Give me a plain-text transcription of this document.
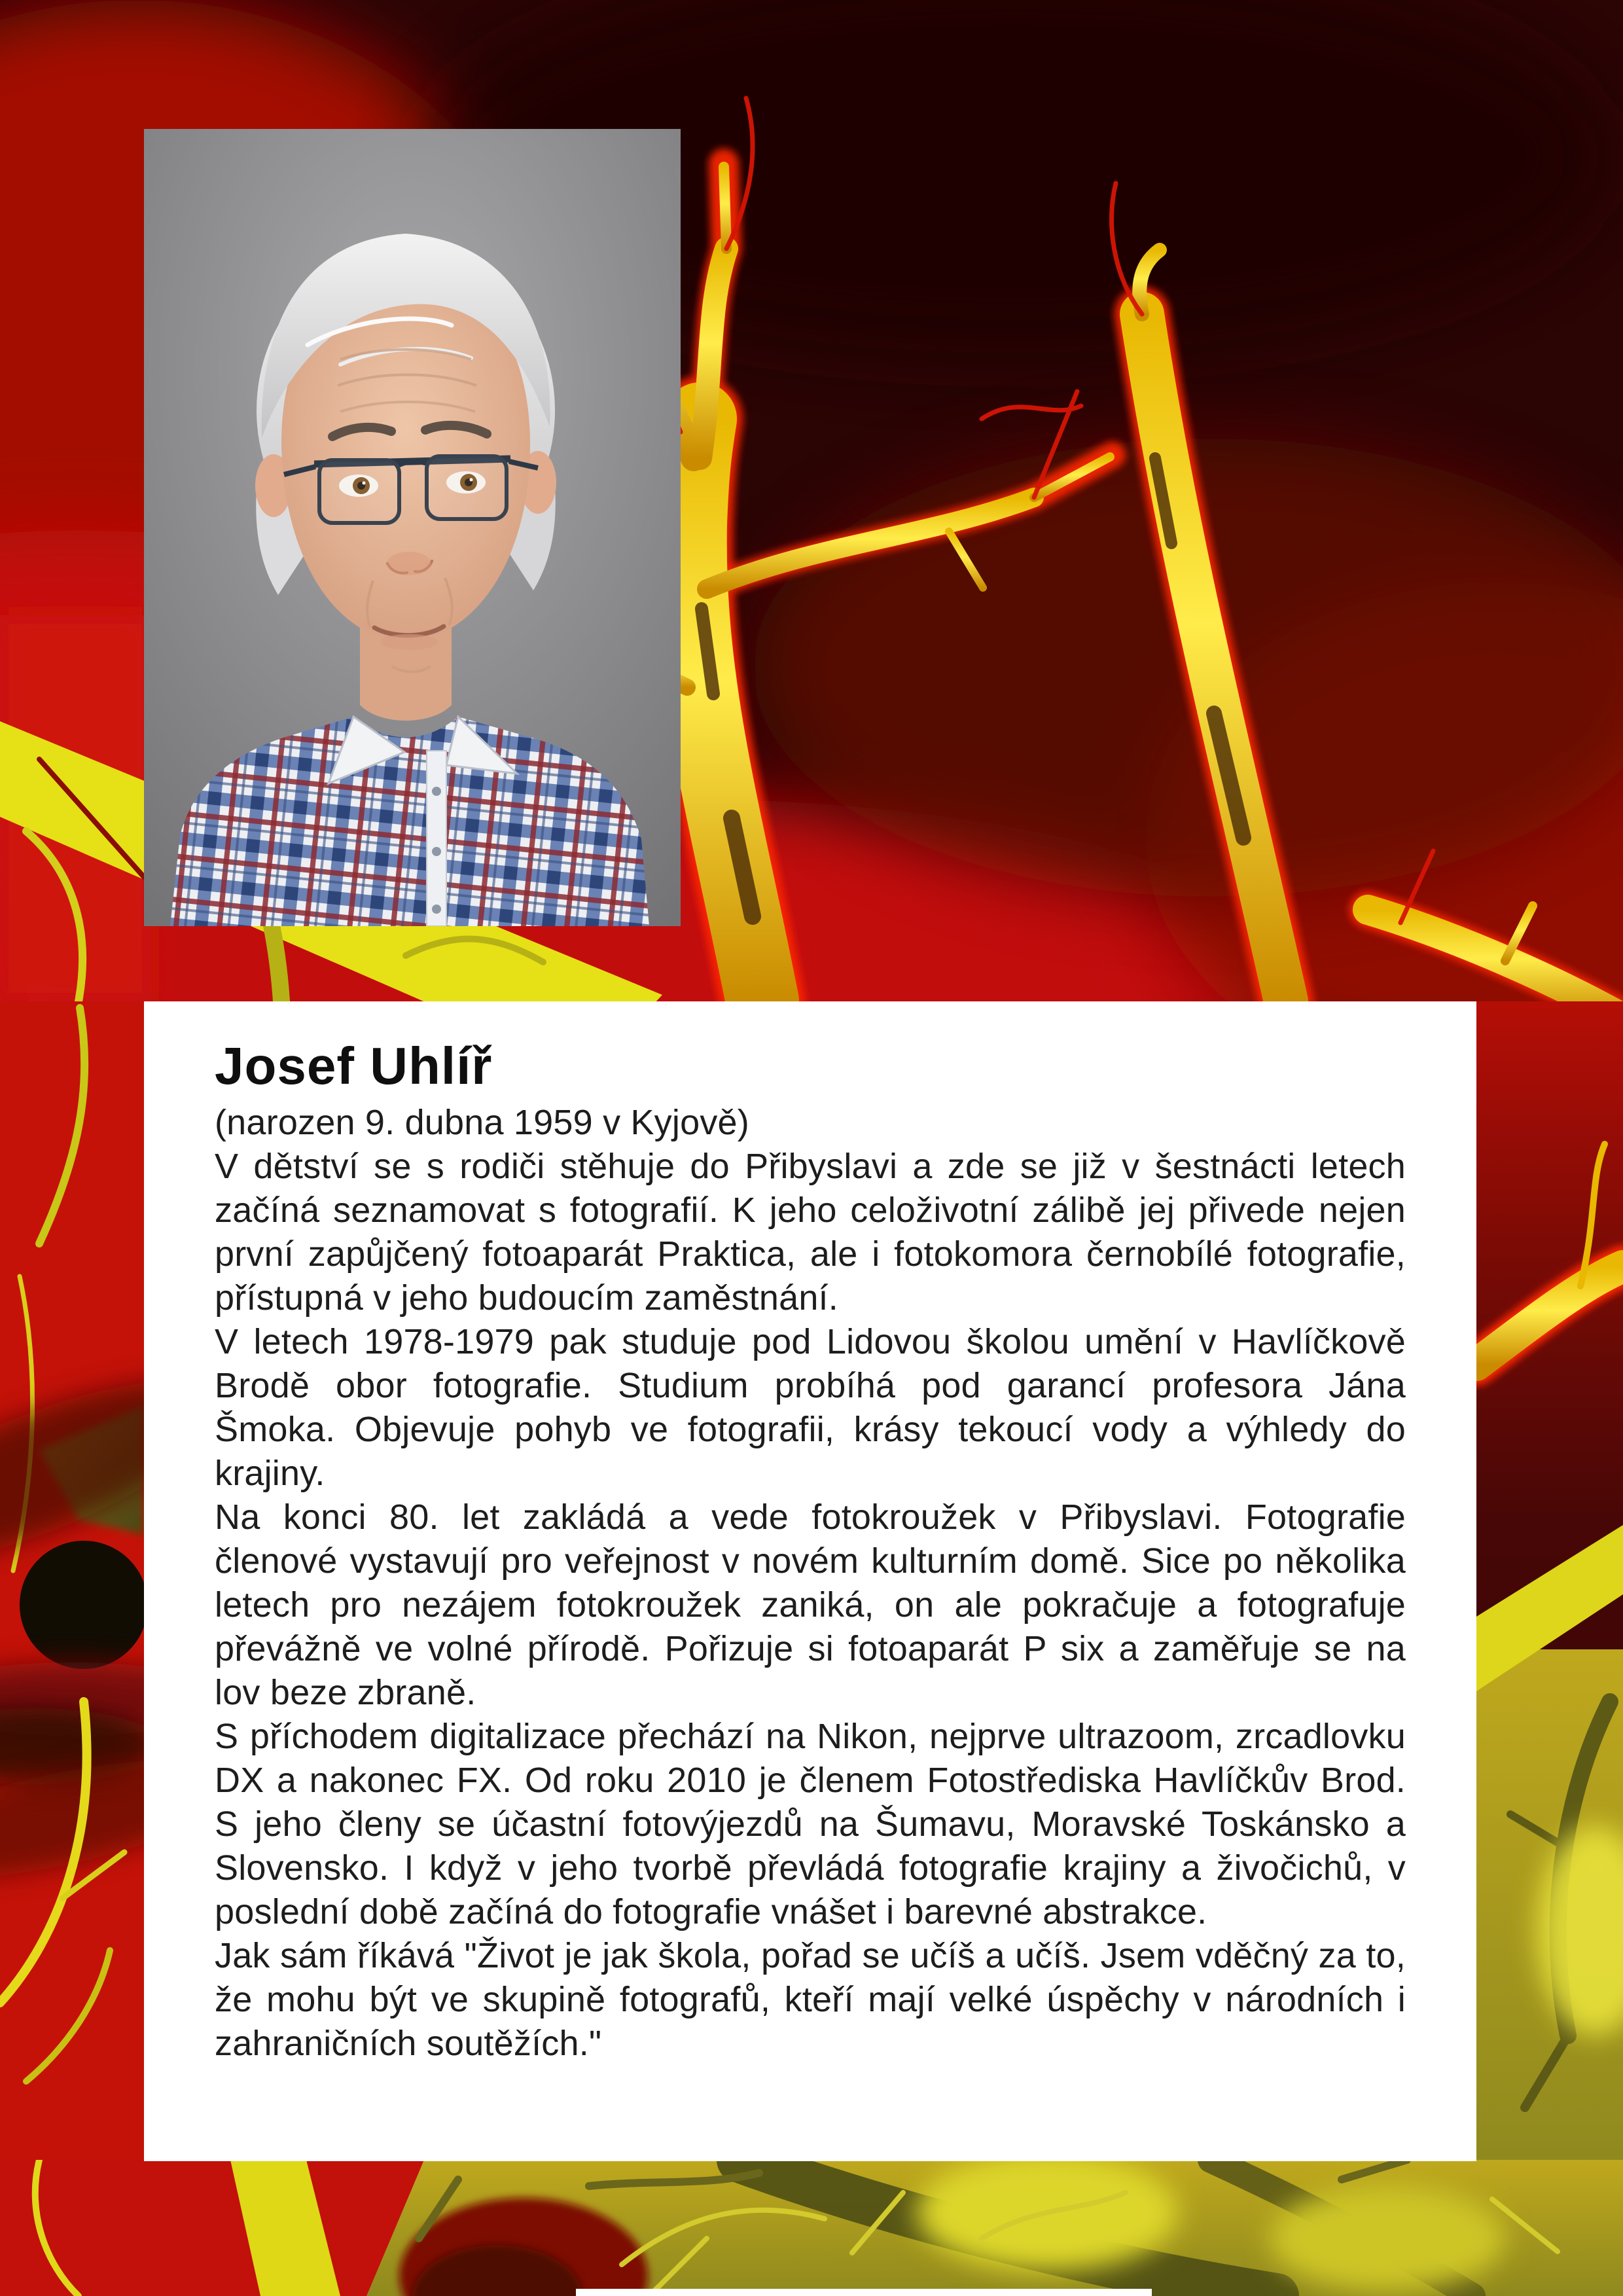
Josef Uhlíř

(narozen 9. dubna 1959 v Kyjově)

V dětství se s rodiči stěhuje do Přibyslavi a zde se již v šestnácti letech začíná seznamovat s fotografií. K jeho celoživotní zálibě jej přivede nejen první zapůjčený fotoaparát Praktica, ale i fotokomora černobílé fotografie, přístupná v jeho budoucím zaměstnání.

V letech 1978-1979 pak studuje pod Lidovou školou umění v Havlíčkově Brodě obor fotografie. Studium probíhá pod garancí profesora Jána Šmoka. Objevuje pohyb ve fotografii, krásy tekoucí vody a výhledy do krajiny.

Na konci 80. let zakládá a vede fotokroužek v Přibyslavi. Fotografie členové vystavují pro veřejnost v novém kulturním domě. Sice po několika letech pro nezájem fotokroužek zaniká, on ale pokračuje a fotografuje převážně ve volné přírodě. Pořizuje si fotoaparát P six a zaměřuje se na lov beze zbraně.

S příchodem digitalizace přechází na Nikon, nejprve ultrazoom, zrcadlovku DX a nakonec FX. Od roku 2010 je členem Fotostřediska Havlíčkův Brod. S jeho členy se účastní fotovýjezdů na Šumavu, Moravské Toskánsko a Slovensko. I když v jeho tvorbě převládá fotografie krajiny a živočichů, v poslední době začíná do fotografie vnášet i barevné abstrakce.

Jak sám říkává "Život je jak škola, pořad se učíš a učíš. Jsem vděčný za to, že mohu být ve skupině fotografů, kteří mají velké úspěchy v národních i zahraničních soutěžích."
